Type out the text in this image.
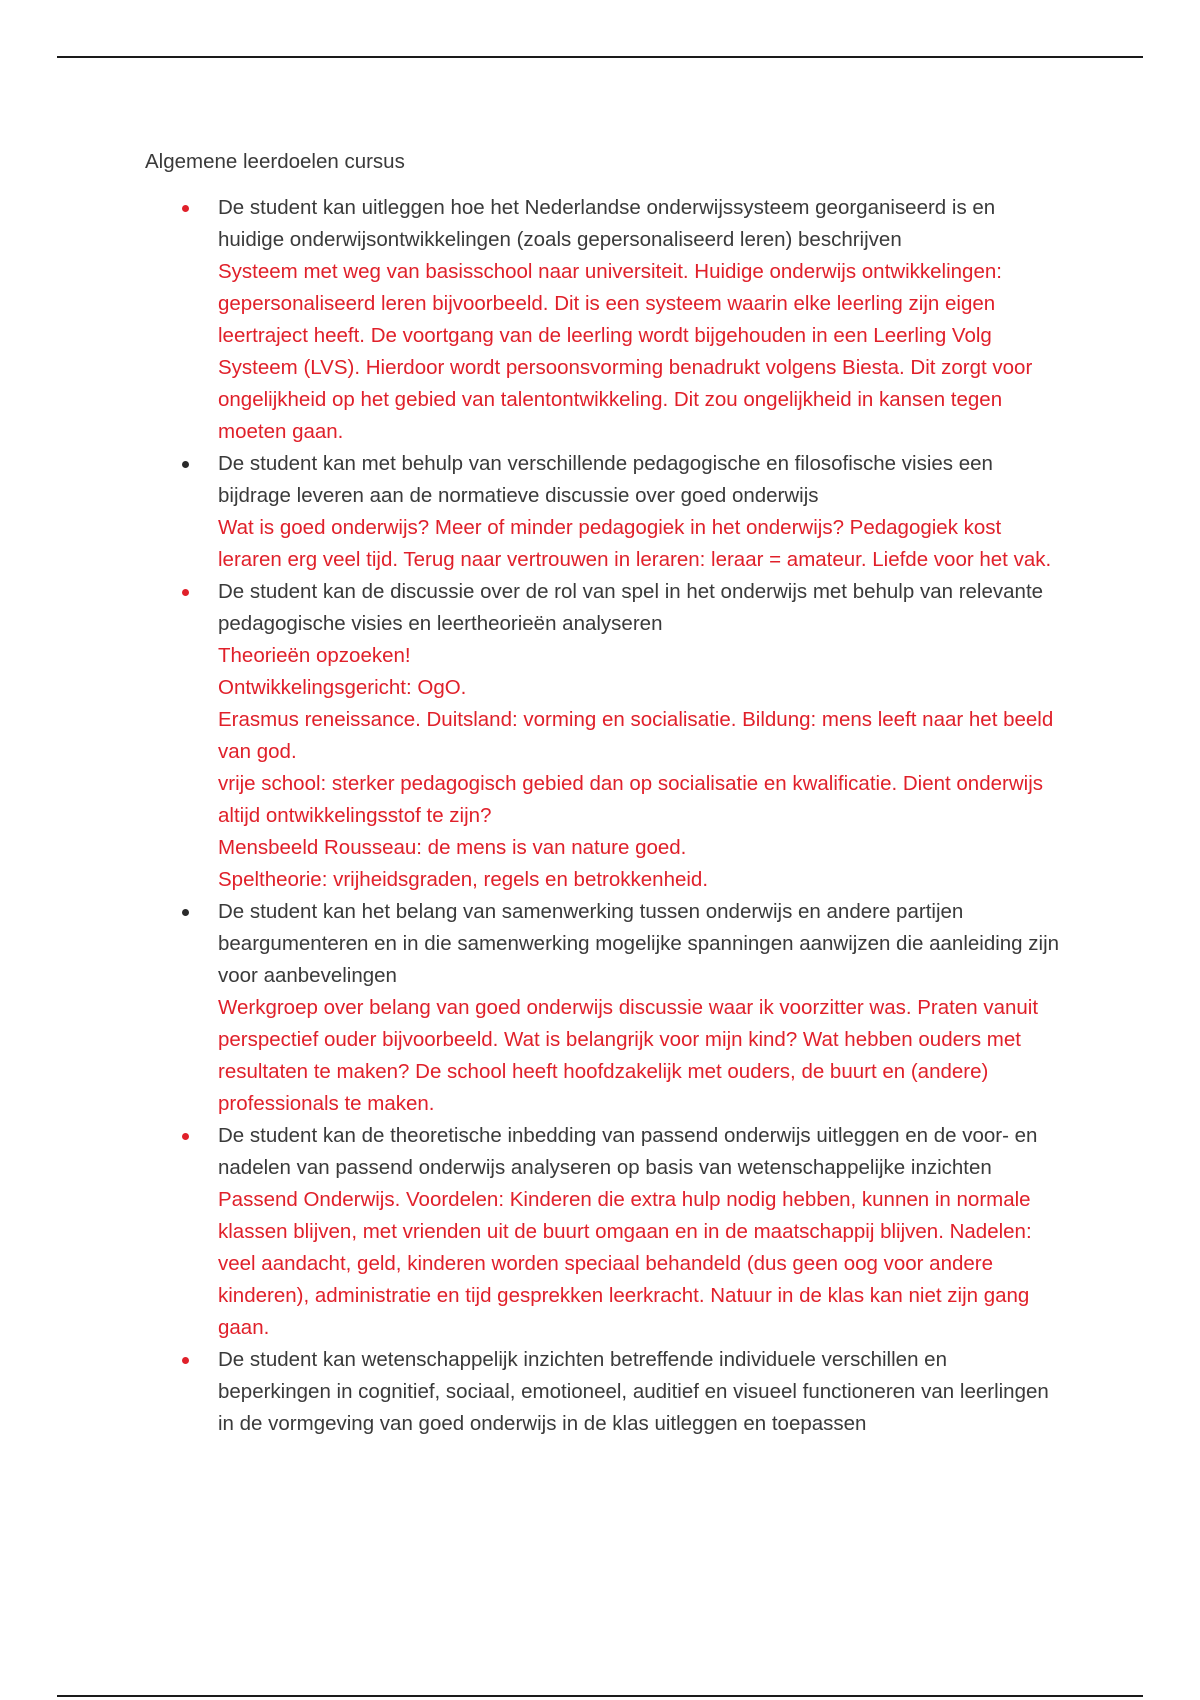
Algemene leerdoelen cursus
De student kan uitleggen hoe het Nederlandse onderwijssysteem georganiseerd is en huidige onderwijsontwikkelingen (zoals gepersonaliseerd leren) beschrijven
Systeem met weg van basisschool naar universiteit. Huidige onderwijs ontwikkelingen: gepersonaliseerd leren bijvoorbeeld. Dit is een systeem waarin elke leerling zijn eigen leertraject heeft. De voortgang van de leerling wordt bijgehouden in een Leerling Volg Systeem (LVS). Hierdoor wordt persoonsvorming benadrukt volgens Biesta. Dit zorgt voor ongelijkheid op het gebied van talentontwikkeling. Dit zou ongelijkheid in kansen tegen moeten gaan.
De student kan met behulp van verschillende pedagogische en filosofische visies een bijdrage leveren aan de normatieve discussie over goed onderwijs
Wat is goed onderwijs? Meer of minder pedagogiek in het onderwijs? Pedagogiek kost leraren erg veel tijd. Terug naar vertrouwen in leraren: leraar = amateur. Liefde voor het vak.
De student kan de discussie over de rol van spel in het onderwijs met behulp van relevante pedagogische visies en leertheorieën analyseren
Theorieën opzoeken!
Ontwikkelingsgericht: OgO.
Erasmus reneissance. Duitsland: vorming en socialisatie. Bildung: mens leeft naar het beeld van god.
vrije school: sterker pedagogisch gebied dan op socialisatie en kwalificatie. Dient onderwijs altijd ontwikkelingsstof te zijn?
Mensbeeld Rousseau: de mens is van nature goed.
Speltheorie: vrijheidsgraden, regels en betrokkenheid.
De student kan het belang van samenwerking tussen onderwijs en andere partijen beargumenteren en in die samenwerking mogelijke spanningen aanwijzen die aanleiding zijn voor aanbevelingen
Werkgroep over belang van goed onderwijs discussie waar ik voorzitter was. Praten vanuit perspectief ouder bijvoorbeeld. Wat is belangrijk voor mijn kind? Wat hebben ouders met resultaten te maken? De school heeft hoofdzakelijk met ouders, de buurt en (andere) professionals te maken.
De student kan de theoretische inbedding van passend onderwijs uitleggen en de voor- en nadelen van passend onderwijs analyseren op basis van wetenschappelijke inzichten
Passend Onderwijs. Voordelen: Kinderen die extra hulp nodig hebben, kunnen in normale klassen blijven, met vrienden uit de buurt omgaan en in de maatschappij blijven. Nadelen: veel aandacht, geld, kinderen worden speciaal behandeld (dus geen oog voor andere kinderen), administratie en tijd gesprekken leerkracht. Natuur in de klas kan niet zijn gang gaan.
De student kan wetenschappelijk inzichten betreffende individuele verschillen en beperkingen in cognitief, sociaal, emotioneel, auditief en visueel functioneren van leerlingen in de vormgeving van goed onderwijs in de klas uitleggen en toepassen
